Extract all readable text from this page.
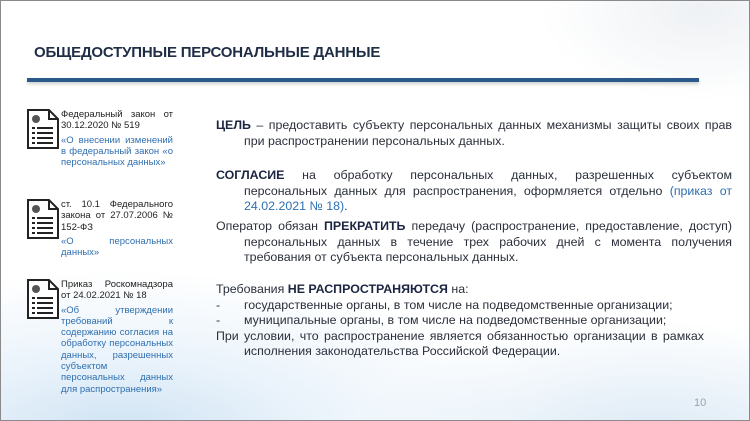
ОБЩЕДОСТУПНЫЕ ПЕРСОНАЛЬНЫЕ ДАННЫЕ
Федеральный закон от 30.12.2020 № 519
«О внесении изменений в федеральный закон «о персональных данных»
ст. 10.1 Федерального закона от 27.07.2006 № 152-ФЗ
«О персональных данных»
Приказ Роскомнадзора от 24.02.2021 № 18
«Об утверждении требований к содержанию согласия на обработку персональных данных, разрешенных субъектом персональных данных для распространения»
ЦЕЛЬ – предоставить субъекту персональных данных механизмы защиты своих прав при распространении персональных данных.
СОГЛАСИЕ на обработку персональных данных, разрешенных субъектом персональных данных для распространения, оформляется отдельно (приказ от 24.02.2021 № 18).
Оператор обязан ПРЕКРАТИТЬ передачу (распространение, предоставление, доступ) персональных данных в течение трех рабочих дней с момента получения требования от субъекта персональных данных.
Требования НЕ РАСПРОСТРАНЯЮТСЯ на:
-	государственные органы, в том числе на подведомственные организации;
-	муниципальные органы, в том числе на подведомственные организации;
При условии, что распространение является обязанностью организации в рамках исполнения законодательства Российской Федерации.
10
